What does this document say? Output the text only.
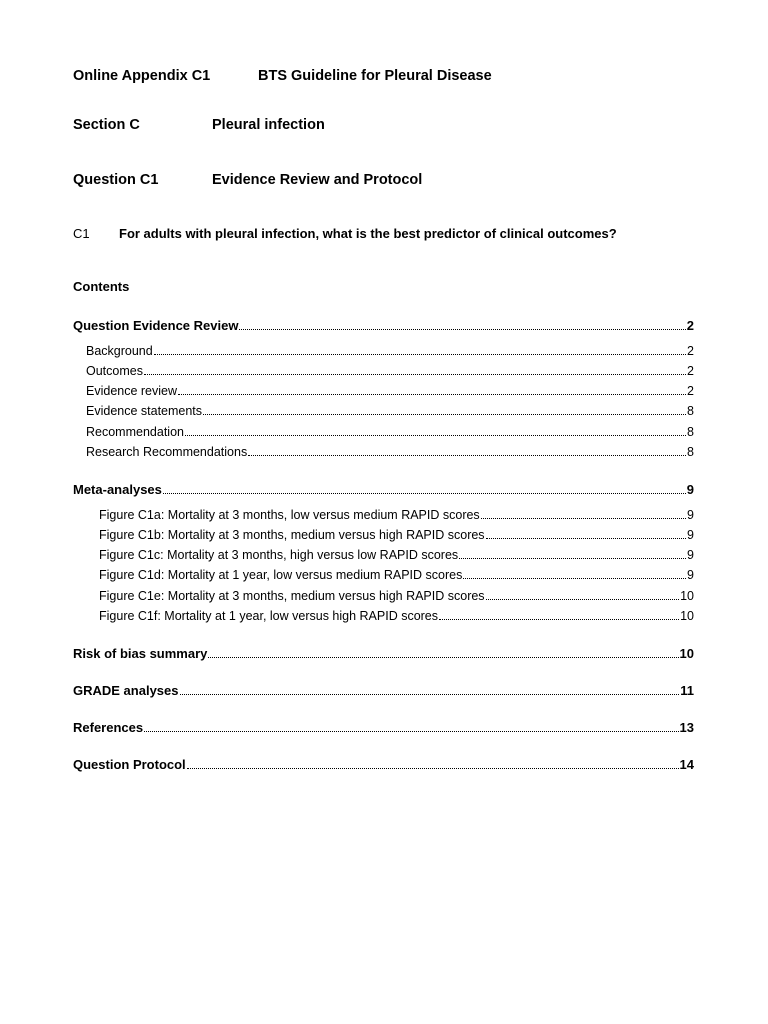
Online Appendix C1	BTS Guideline for Pleural Disease
Section C	Pleural infection
Question C1	Evidence Review and Protocol
C1 For adults with pleural infection, what is the best predictor of clinical outcomes?
Contents
Question Evidence Review	2
Background	2
Outcomes	2
Evidence review	2
Evidence statements	8
Recommendation	8
Research Recommendations	8
Meta-analyses	9
Figure C1a: Mortality at 3 months, low versus medium RAPID scores	9
Figure C1b: Mortality at 3 months, medium versus high RAPID scores	9
Figure C1c: Mortality at 3 months, high versus low RAPID scores	9
Figure C1d: Mortality at 1 year, low versus medium RAPID scores	9
Figure C1e: Mortality at 3 months, medium versus high RAPID scores	10
Figure C1f: Mortality at 1 year, low versus high RAPID scores	10
Risk of bias summary	10
GRADE analyses	11
References	13
Question Protocol	14
